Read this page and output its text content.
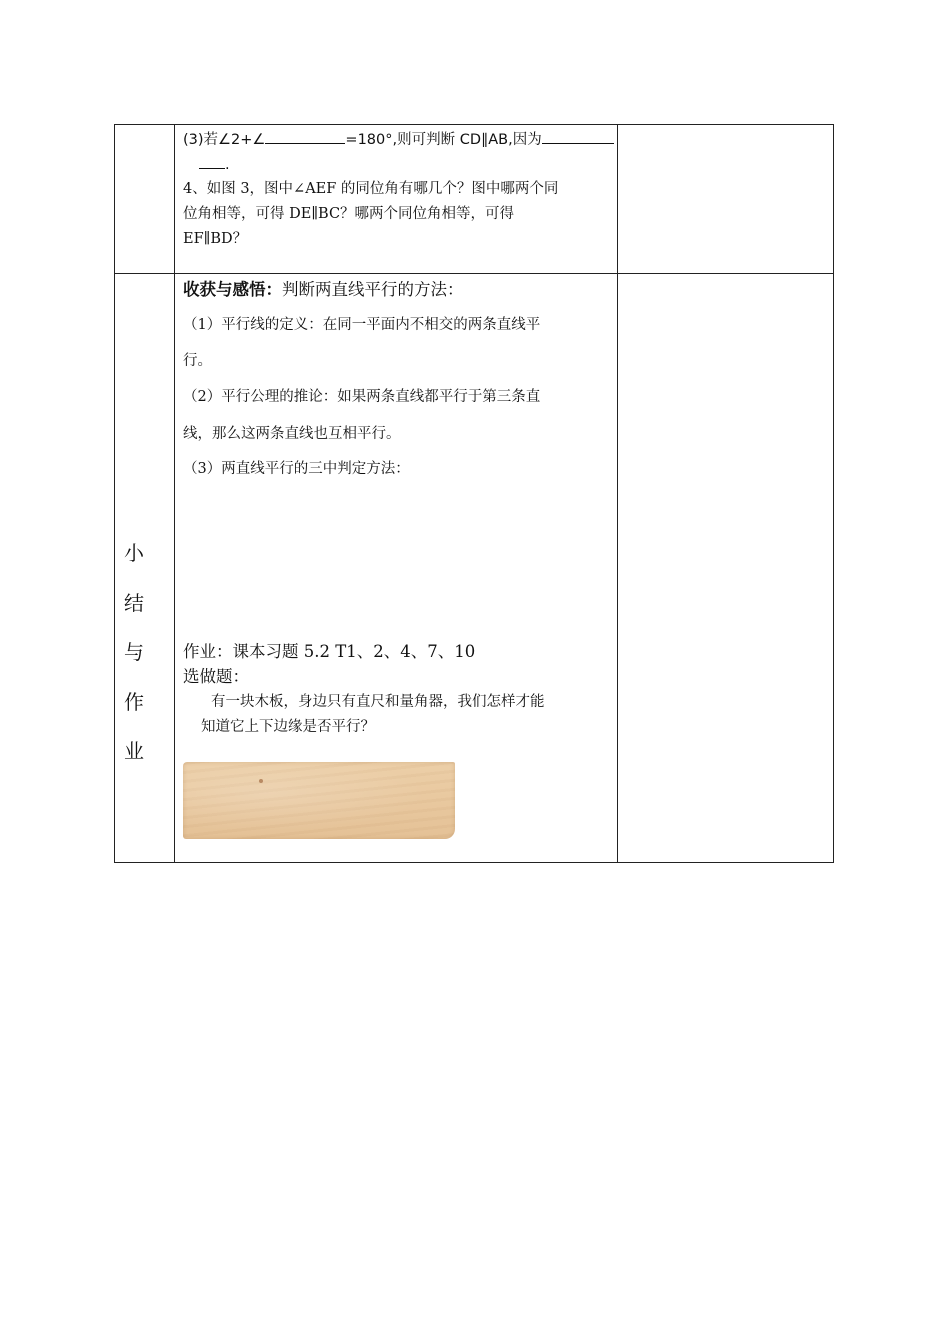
(3)若∠2+∠	=180°,则可判断 CD∥AB,因为
.
4、如图 3，图中∠AEF 的同位角有哪几个？图中哪两个同
位角相等，可得 DE∥BC？哪两个同位角相等，可得
EF∥BD？
小
结
与
作
业
收获与感悟：判断两直线平行的方法：
（1）平行线的定义：在同一平面内不相交的两条直线平
行。
（2）平行公理的推论：如果两条直线都平行于第三条直
线，那么这两条直线也互相平行。
（3）两直线平行的三中判定方法：
作业：课本习题 5.2 T1、2、4、7、10
选做题：
有一块木板，身边只有直尺和量角器，我们怎样才能
知道它上下边缘是否平行？
